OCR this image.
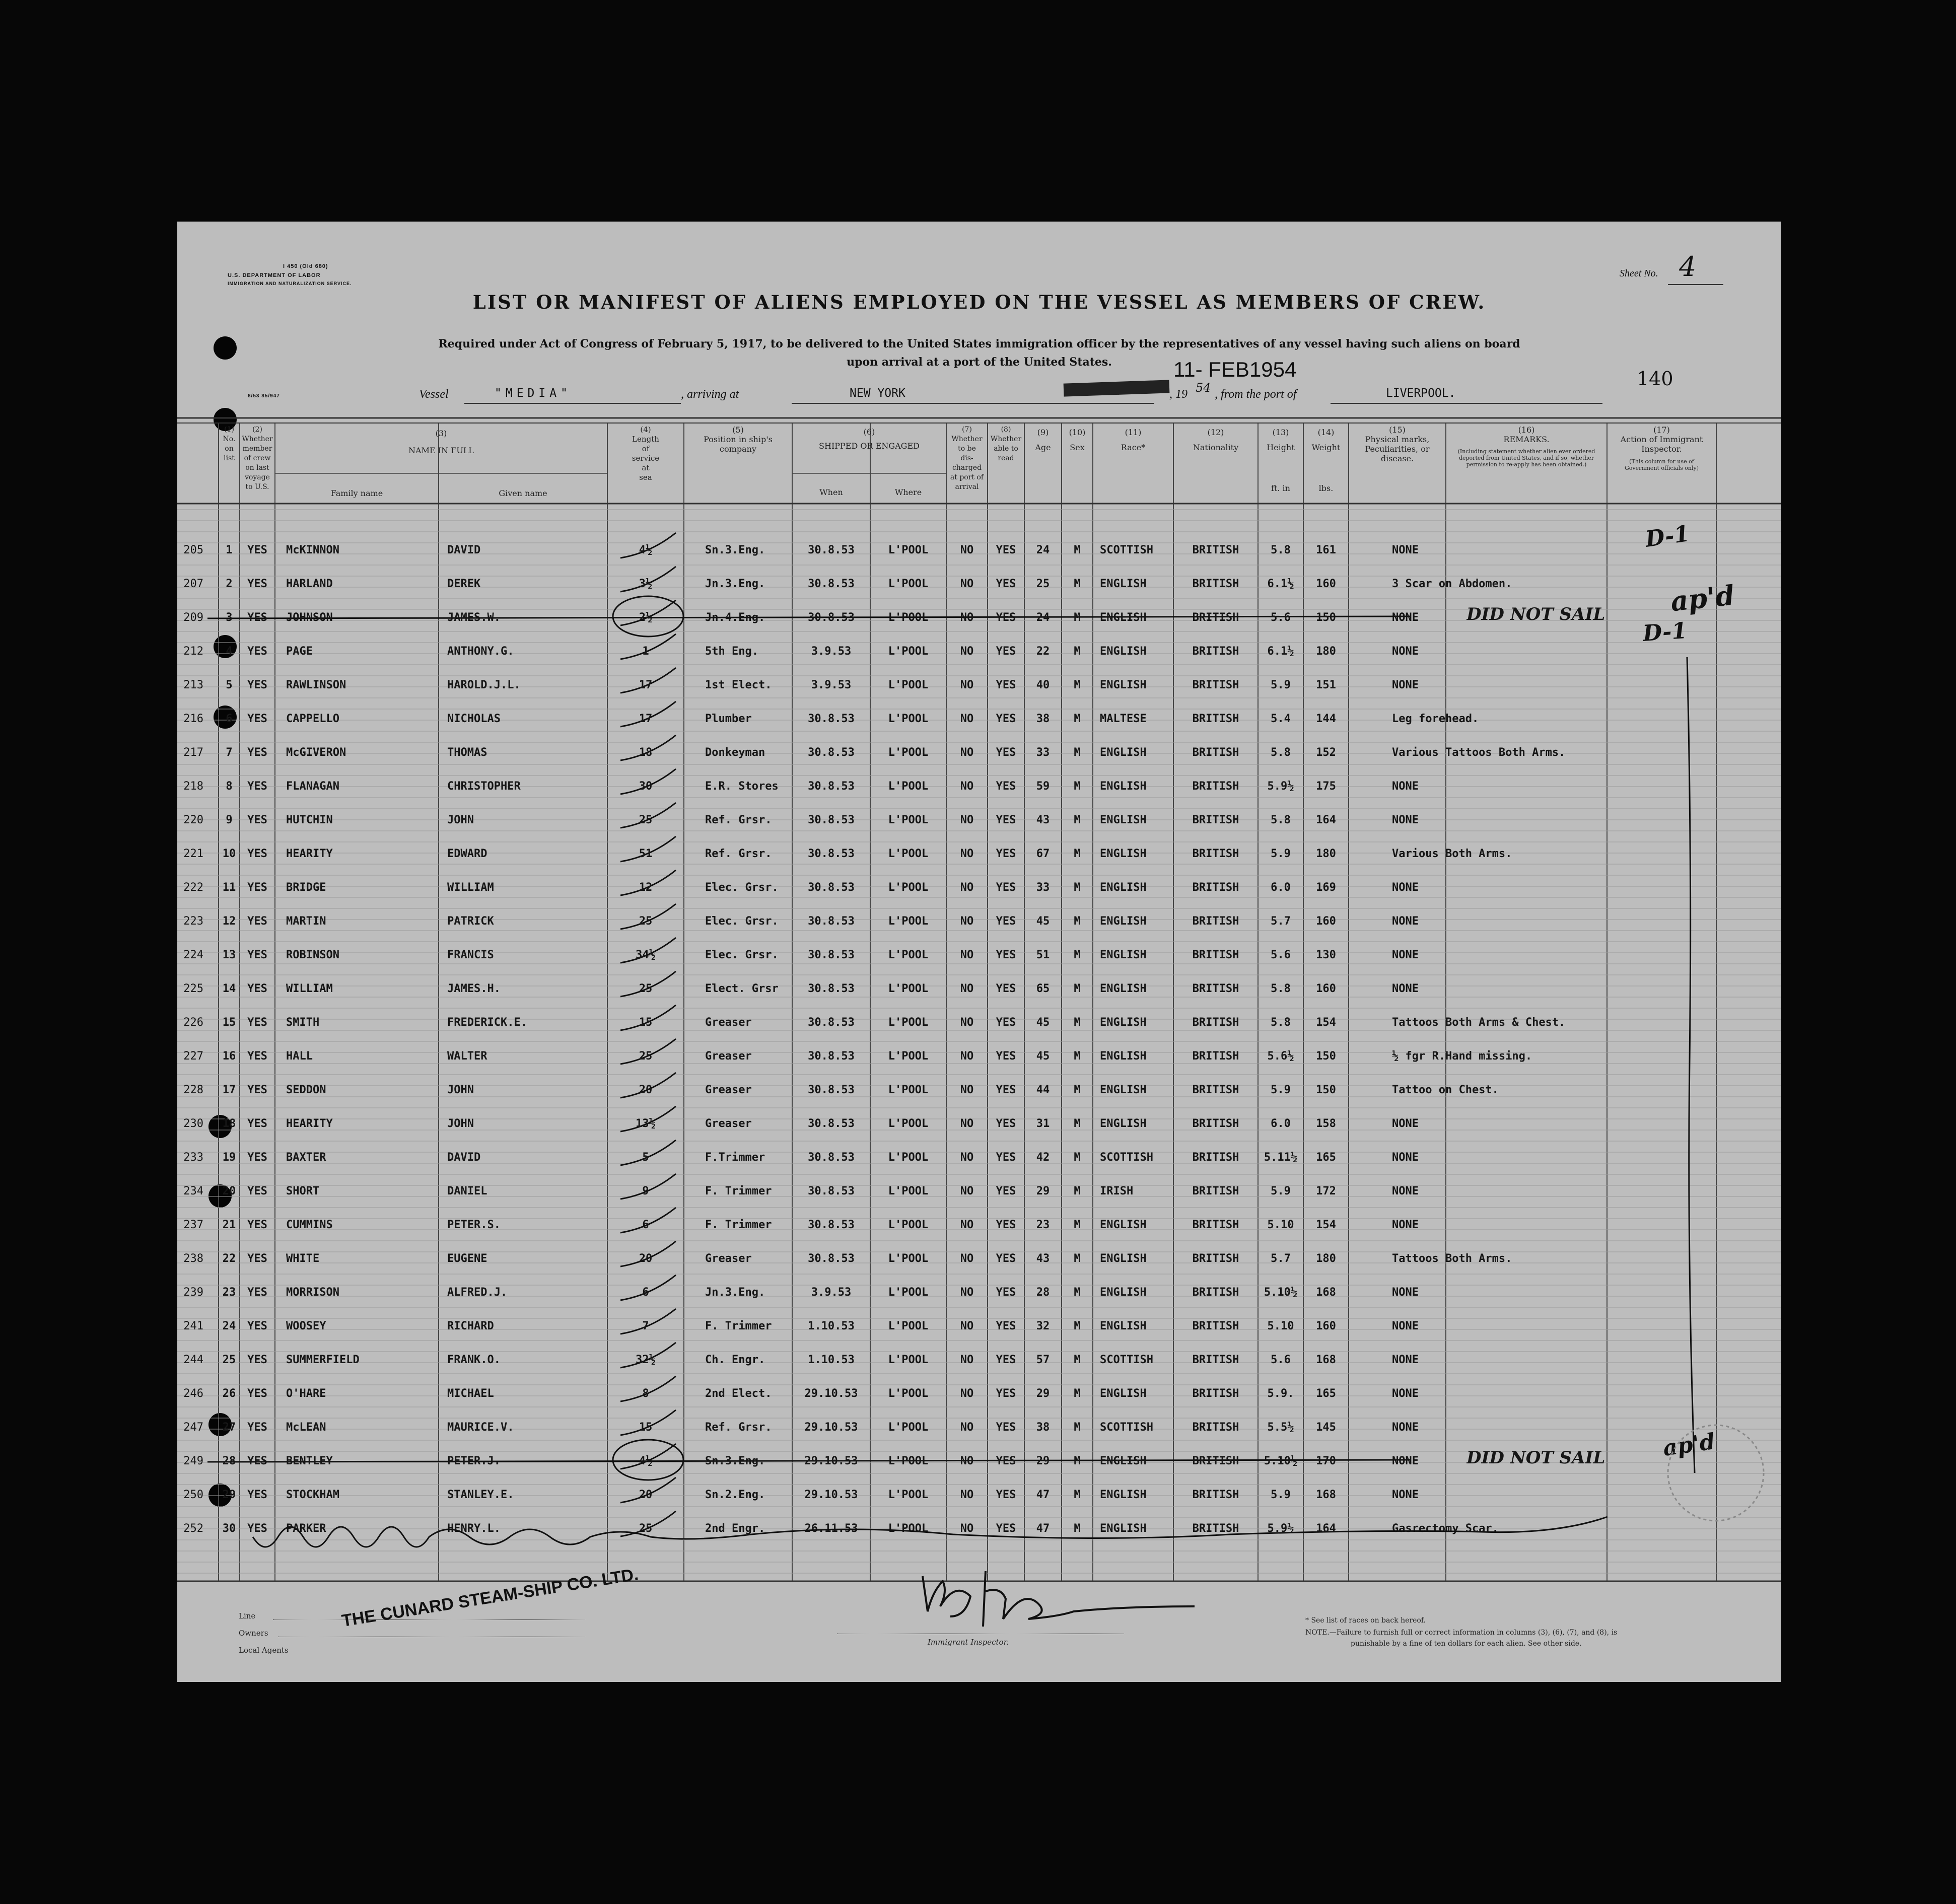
I 450 (Old 680)
U.S. DEPARTMENT OF LABOR
IMMIGRATION AND NATURALIZATION SERVICE.
8/53 85/947
LIST OR MANIFEST OF ALIENS EMPLOYED ON THE VESSEL AS MEMBERS OF CREW.
Required under Act of Congress of February 5, 1917, to be delivered to the United States immigration officer by the representatives of any vessel having such aliens on board
upon arrival at a port of the United States.
Sheet No. 4
140
11- FEB1954
Vessel	"MEDIA"	, arriving at	NEW YORK	, 19 54 , from the port of	LIVERPOOL.
(1)
No.
on
list
(2)
Whether
member
of crew
on last
voyage
to U.S.
(3)
NAME IN FULL
Family name	Given name
(4)
Length
of
service
at
sea
(5)
Position in ship's
company
(6)
SHIPPED OR ENGAGED
When	Where
(7)
Whether
to be
dis-
charged
at port of
arrival
(8)
Whether
able to
read
(9)
Age
(10)
Sex
(11)
Race*
(12)
Nationality
(13)
Height
ft. in
(14)
Weight
lbs.
(15)
Physical marks,
Peculiarities, or
disease.
(16)
REMARKS.
(Including statement whether alien ever ordered deported from United States, and if so, whether permission to re-apply has been obtained.)
(17)
Action of Immigrant
Inspector.
(This column for use of Government officials only)
205	1	YES	McKINNON	DAVID	4½	Sn.3.Eng.	30.8.53	L'POOL	NO	YES	24	M	SCOTTISH	BRITISH	5.8	161	NONE
207	2	YES	HARLAND	DEREK	3½	Jn.3.Eng.	30.8.53	L'POOL	NO	YES	25	M	ENGLISH	BRITISH	6.1½	160	3 Scar on Abdomen.
209	3	YES	JOHNSON	JAMES.W.	2½	Jn.4.Eng.	30.8.53	L'POOL	NO	YES	24	M	ENGLISH	BRITISH	5.6	150	NONE	DID NOT SAIL
212	4	YES	PAGE	ANTHONY.G.	1	5th Eng.	3.9.53	L'POOL	NO	YES	22	M	ENGLISH	BRITISH	6.1½	180	NONE
213	5	YES	RAWLINSON	HAROLD.J.L.	17	1st Elect.	3.9.53	L'POOL	NO	YES	40	M	ENGLISH	BRITISH	5.9	151	NONE
216	6	YES	CAPPELLO	NICHOLAS	17	Plumber	30.8.53	L'POOL	NO	YES	38	M	MALTESE	BRITISH	5.4	144	Leg forehead.
217	7	YES	McGIVERON	THOMAS	18	Donkeyman	30.8.53	L'POOL	NO	YES	33	M	ENGLISH	BRITISH	5.8	152	Various Tattoos Both Arms.
218	8	YES	FLANAGAN	CHRISTOPHER	30	E.R. Stores	30.8.53	L'POOL	NO	YES	59	M	ENGLISH	BRITISH	5.9½	175	NONE
220	9	YES	HUTCHIN	JOHN	25	Ref. Grsr.	30.8.53	L'POOL	NO	YES	43	M	ENGLISH	BRITISH	5.8	164	NONE
221	10	YES	HEARITY	EDWARD	51	Ref. Grsr.	30.8.53	L'POOL	NO	YES	67	M	ENGLISH	BRITISH	5.9	180	Various Both Arms.
222	11	YES	BRIDGE	WILLIAM	12	Elec. Grsr.	30.8.53	L'POOL	NO	YES	33	M	ENGLISH	BRITISH	6.0	169	NONE
223	12	YES	MARTIN	PATRICK	25	Elec. Grsr.	30.8.53	L'POOL	NO	YES	45	M	ENGLISH	BRITISH	5.7	160	NONE
224	13	YES	ROBINSON	FRANCIS	34½	Elec. Grsr.	30.8.53	L'POOL	NO	YES	51	M	ENGLISH	BRITISH	5.6	130	NONE
225	14	YES	WILLIAM	JAMES.H.	25	Elect. Grsr	30.8.53	L'POOL	NO	YES	65	M	ENGLISH	BRITISH	5.8	160	NONE
226	15	YES	SMITH	FREDERICK.E.	15	Greaser	30.8.53	L'POOL	NO	YES	45	M	ENGLISH	BRITISH	5.8	154	Tattoos Both Arms & Chest.
227	16	YES	HALL	WALTER	25	Greaser	30.8.53	L'POOL	NO	YES	45	M	ENGLISH	BRITISH	5.6½	150	½ fgr R.Hand missing.
228	17	YES	SEDDON	JOHN	20	Greaser	30.8.53	L'POOL	NO	YES	44	M	ENGLISH	BRITISH	5.9	150	Tattoo on Chest.
230	18	YES	HEARITY	JOHN	13½	Greaser	30.8.53	L'POOL	NO	YES	31	M	ENGLISH	BRITISH	6.0	158	NONE
233	19	YES	BAXTER	DAVID	5	F.Trimmer	30.8.53	L'POOL	NO	YES	42	M	SCOTTISH	BRITISH	5.11½	165	NONE
234	20	YES	SHORT	DANIEL	9	F. Trimmer	30.8.53	L'POOL	NO	YES	29	M	IRISH	BRITISH	5.9	172	NONE
237	21	YES	CUMMINS	PETER.S.	6	F. Trimmer	30.8.53	L'POOL	NO	YES	23	M	ENGLISH	BRITISH	5.10	154	NONE
238	22	YES	WHITE	EUGENE	20	Greaser	30.8.53	L'POOL	NO	YES	43	M	ENGLISH	BRITISH	5.7	180	Tattoos Both Arms.
239	23	YES	MORRISON	ALFRED.J.	6	Jn.3.Eng.	3.9.53	L'POOL	NO	YES	28	M	ENGLISH	BRITISH	5.10½	168	NONE
241	24	YES	WOOSEY	RICHARD	7	F. Trimmer	1.10.53	L'POOL	NO	YES	32	M	ENGLISH	BRITISH	5.10	160	NONE
244	25	YES	SUMMERFIELD	FRANK.O.	32½	Ch. Engr.	1.10.53	L'POOL	NO	YES	57	M	SCOTTISH	BRITISH	5.6	168	NONE
246	26	YES	O'HARE	MICHAEL	8	2nd Elect.	29.10.53	L'POOL	NO	YES	29	M	ENGLISH	BRITISH	5.9.	165	NONE
247	27	YES	McLEAN	MAURICE.V.	15	Ref. Grsr.	29.10.53	L'POOL	NO	YES	38	M	SCOTTISH	BRITISH	5.5½	145	NONE
249	28	YES	BENTLEY	PETER.J.	4½	Sn.3.Eng.	29.10.53	L'POOL	NO	YES	29	M	ENGLISH	BRITISH	5.10½	170	NONE	DID NOT SAIL
250	29	YES	STOCKHAM	STANLEY.E.	20	Sn.2.Eng.	29.10.53	L'POOL	NO	YES	47	M	ENGLISH	BRITISH	5.9	168	NONE
252	30	YES	PARKER	HENRY.L.	25	2nd Engr.	26.11.53	L'POOL	NO	YES	47	M	ENGLISH	BRITISH	5.9½	164	Gasrectomy Scar.
D-1
ap'd
D-1
ap'd
Line
Owners
Local Agents
THE CUNARD STEAM-SHIP CO. LTD.
Immigrant Inspector.
* See list of races on back hereof.
NOTE.—Failure to furnish full or correct information in columns (3), (6), (7), and (8), is
punishable by a fine of ten dollars for each alien. See other side.
